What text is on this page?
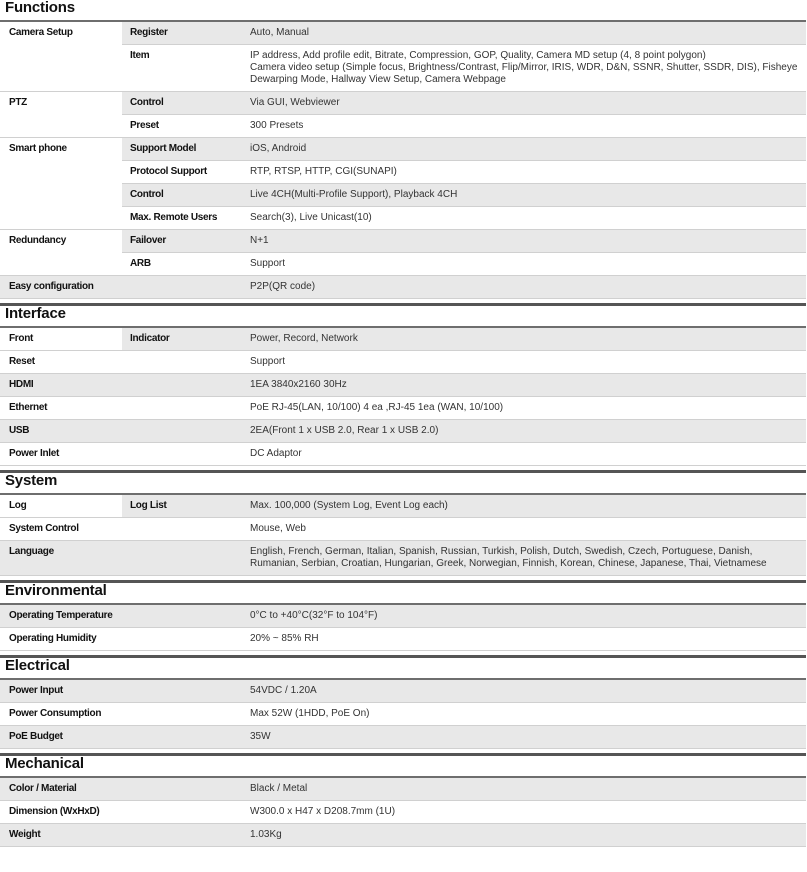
Functions
Camera Setup	Register	Auto, Manual
Item	IP address, Add profile edit, Bitrate, Compression, GOP, Quality, Camera MD setup (4, 8 point polygon)
Camera video setup (Simple focus, Brightness/Contrast, Flip/Mirror, IRIS, WDR, D&N, SSNR, Shutter, SSDR, DIS), Fisheye Dewarping Mode, Hallway View Setup, Camera Webpage
PTZ	Control	Via GUI, Webviewer
Preset	300 Presets
Smart phone	Support Model	iOS, Android
Protocol Support	RTP, RTSP, HTTP, CGI(SUNAPI)
Control	Live 4CH(Multi-Profile Support), Playback 4CH
Max. Remote Users	Search(3), Live Unicast(10)
Redundancy	Failover	N+1
ARB	Support
Easy configuration	P2P(QR code)
Interface
Front	Indicator	Power, Record, Network
Reset	Support
HDMI	1EA 3840x2160 30Hz
Ethernet	PoE RJ-45(LAN, 10/100) 4 ea ,RJ-45 1ea (WAN, 10/100)
USB	2EA(Front 1 x USB 2.0, Rear 1 x USB 2.0)
Power Inlet	DC Adaptor
System
Log	Log List	Max. 100,000 (System Log, Event Log each)
System Control	Mouse, Web
Language	English, French, German, Italian, Spanish, Russian, Turkish, Polish, Dutch, Swedish, Czech, Portuguese, Danish, Rumanian, Serbian, Croatian, Hungarian, Greek, Norwegian, Finnish, Korean, Chinese, Japanese, Thai, Vietnamese
Environmental
Operating Temperature	0°C to +40°C(32°F to 104°F)
Operating Humidity	20% ~ 85% RH
Electrical
Power Input	54VDC / 1.20A
Power Consumption	Max 52W (1HDD, PoE On)
PoE Budget	35W
Mechanical
Color / Material	Black / Metal
Dimension (WxHxD)	W300.0 x H47 x D208.7mm (1U)
Weight	1.03Kg
